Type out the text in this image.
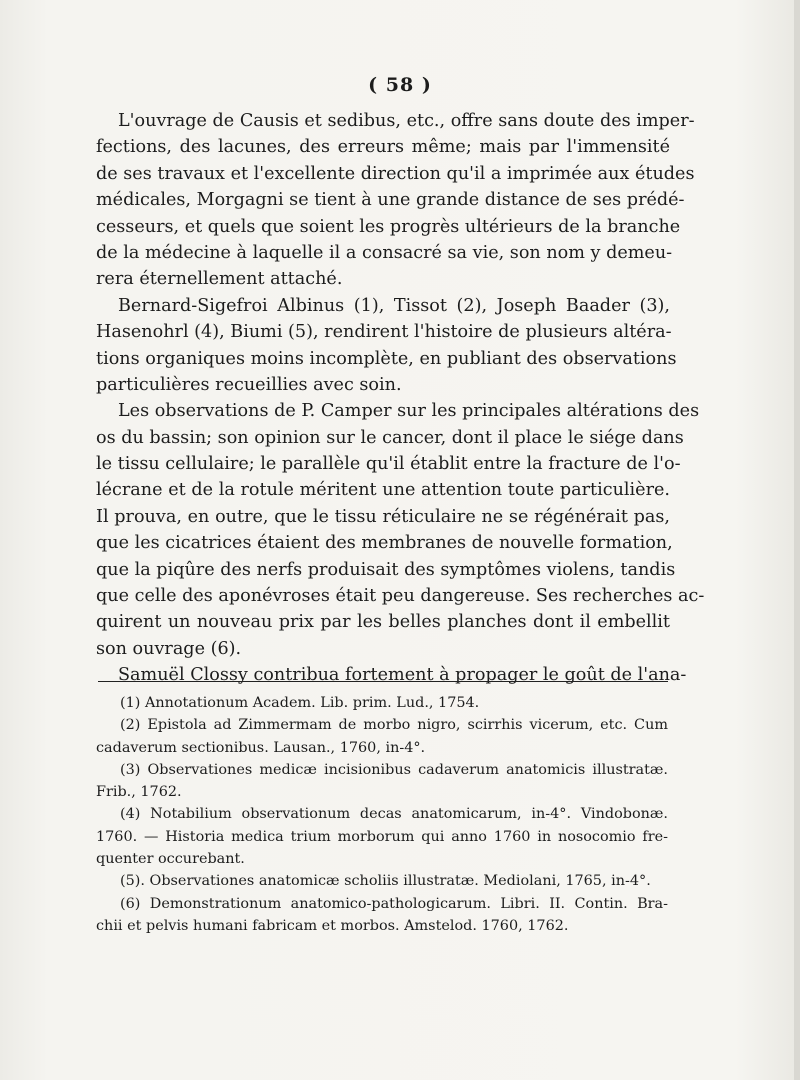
( 58 )
L'ouvrage de Causis et sedibus, etc., offre sans doute des imper-
fections, des lacunes, des erreurs même; mais par l'immensité
de ses travaux et l'excellente direction qu'il a imprimée aux études
médicales, Morgagni se tient à une grande distance de ses prédé-
cesseurs, et quels que soient les progrès ultérieurs de la branche
de la médecine à laquelle il a consacré sa vie, son nom y demeu-
rera éternellement attaché.
Bernard-Sigefroi Albinus (1), Tissot (2), Joseph Baader (3),
Hasenohrl (4), Biumi (5), rendirent l'histoire de plusieurs altéra-
tions organiques moins incomplète, en publiant des observations
particulières recueillies avec soin.
Les observations de P. Camper sur les principales altérations des
os du bassin; son opinion sur le cancer, dont il place le siége dans
le tissu cellulaire; le parallèle qu'il établit entre la fracture de l'o-
lécrane et de la rotule méritent une attention toute particulière.
Il prouva, en outre, que le tissu réticulaire ne se régénérait pas,
que les cicatrices étaient des membranes de nouvelle formation,
que la piqûre des nerfs produisait des symptômes violens, tandis
que celle des aponévroses était peu dangereuse. Ses recherches ac-
quirent un nouveau prix par les belles planches dont il embellit
son ouvrage (6).
Samuël Clossy contribua fortement à propager le goût de l'ana-
(1) Annotationum Academ. Lib. prim. Lud., 1754.
(2) Epistola ad Zimmermam de morbo nigro, scirrhis vicerum, etc. Cum
cadaverum sectionibus. Lausan., 1760, in-4°.
(3) Observationes medicæ incisionibus cadaverum anatomicis illustratæ.
Frib., 1762.
(4) Notabilium observationum decas anatomicarum, in-4°. Vindobonæ.
1760. — Historia medica trium morborum qui anno 1760 in nosocomio fre-
quenter occurebant.
(5). Observationes anatomicæ scholiis illustratæ. Mediolani, 1765, in-4°.
(6) Demonstrationum anatomico-pathologicarum. Libri. II. Contin. Bra-
chii et pelvis humani fabricam et morbos. Amstelod. 1760, 1762.
